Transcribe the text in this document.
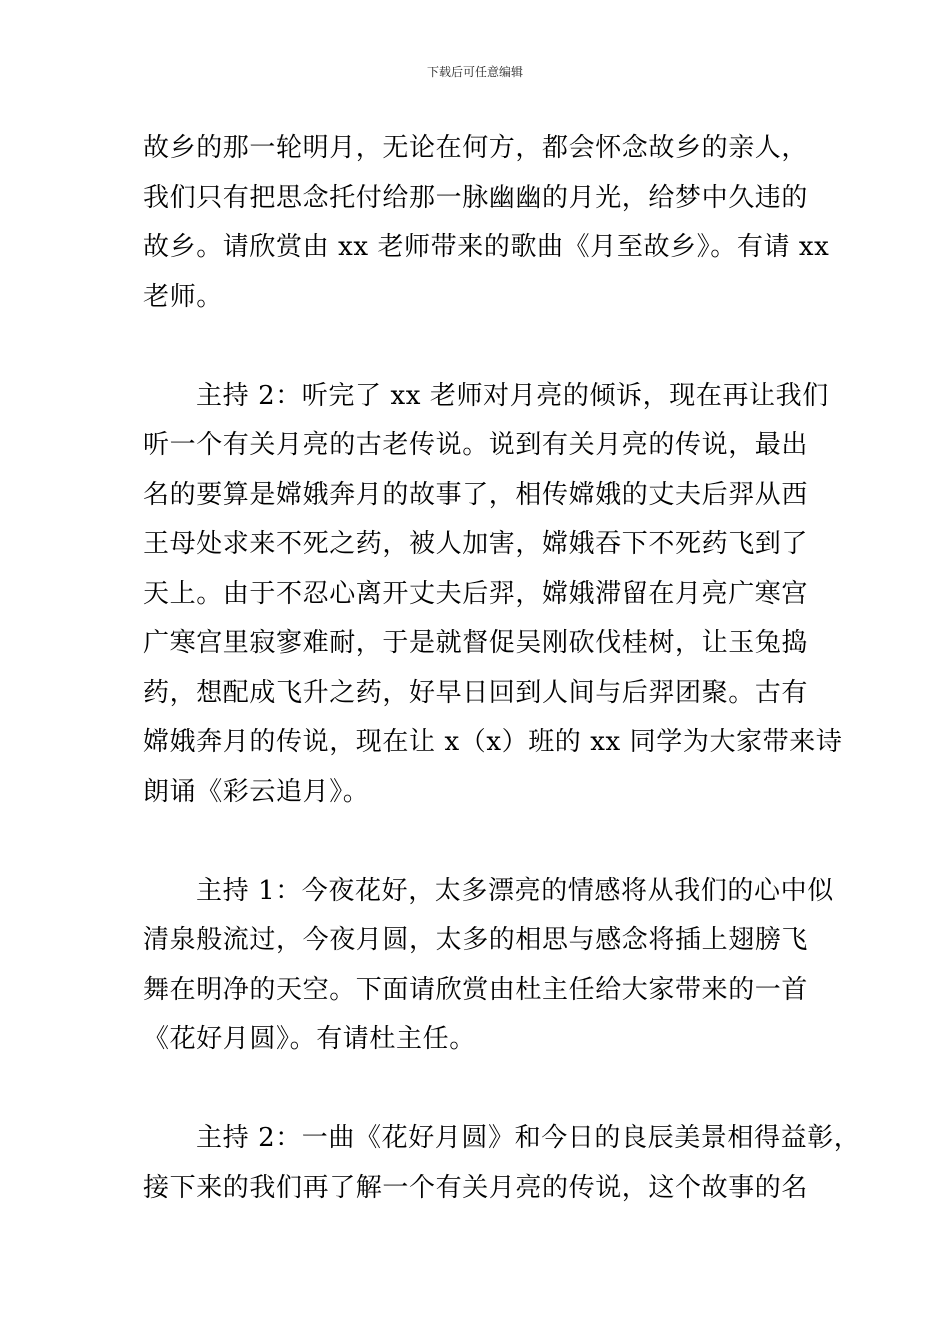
下载后可任意编辑
故乡的那一轮明月，无论在何方，都会怀念故乡的亲人，
我们只有把思念托付给那一脉幽幽的月光，给梦中久违的
故乡。请欣赏由 xx 老师带来的歌曲《月至故乡》。有请 xx
老师。
主持 2：听完了 xx 老师对月亮的倾诉，现在再让我们
听一个有关月亮的古老传说。说到有关月亮的传说，最出
名的要算是嫦娥奔月的故事了，相传嫦娥的丈夫后羿从西
王母处求来不死之药，被人加害，嫦娥吞下不死药飞到了
天上。由于不忍心离开丈夫后羿，嫦娥滞留在月亮广寒宫
广寒宫里寂寥难耐，于是就督促吴刚砍伐桂树，让玉兔捣
药，想配成飞升之药，好早日回到人间与后羿团聚。古有
嫦娥奔月的传说，现在让 x（x）班的 xx 同学为大家带来诗
朗诵《彩云追月》。
主持 1：今夜花好，太多漂亮的情感将从我们的心中似
清泉般流过，今夜月圆，太多的相思与感念将插上翅膀飞
舞在明净的天空。下面请欣赏由杜主任给大家带来的一首
《花好月圆》。有请杜主任。
主持 2：一曲《花好月圆》和今日的良辰美景相得益彰，
接下来的我们再了解一个有关月亮的传说，这个故事的名
